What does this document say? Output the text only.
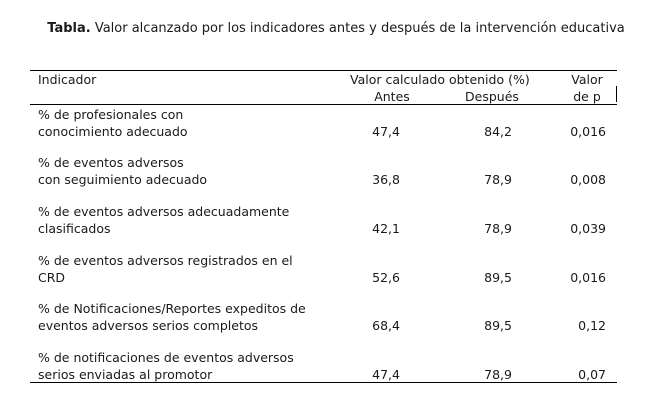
Tabla. Valor alcanzado por los indicadores antes y después de la intervención educativa
Indicador	Valor calculado obtenido (%)
Antes	Después
Valor
de p
% de profesionales con
conocimiento adecuado	47,4	84,2	0,016
% de eventos adversos
con seguimiento adecuado	36,8	78,9	0,008
% de eventos adversos adecuadamente
clasificados	42,1	78,9	0,039
% de eventos adversos registrados en el
CRD	52,6	89,5	0,016
% de Notificaciones/Reportes expeditos de
eventos adversos serios completos	68,4	89,5	0,12
% de notificaciones de eventos adversos
serios enviadas al promotor	47,4	78,9	0,07
